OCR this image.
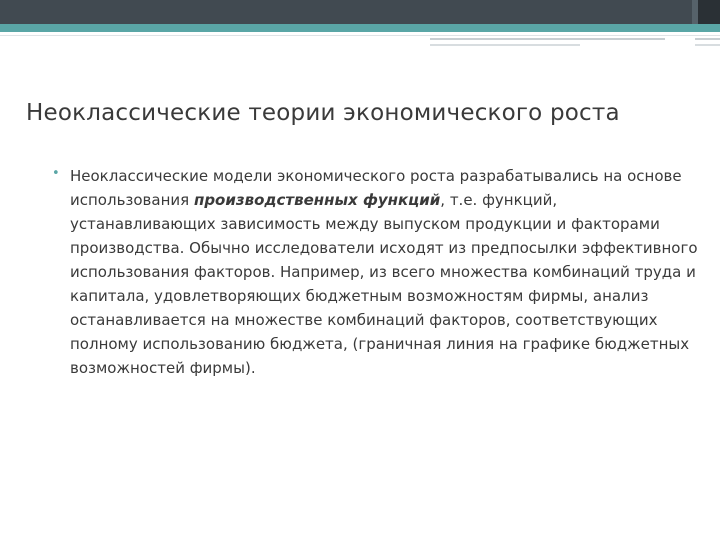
Неоклассические теории экономического роста
• Неоклассические модели экономического роста разрабатывались на основе использования производственных функций, т.е. функций, устанавливающих зависимость между выпуском продукции и факторами производства. Обычно исследователи исходят из предпосылки эффективного использования факторов. Например, из всего множества комбинаций труда и капитала, удовлетворяющих бюджетным возможностям фирмы, анализ останавливается на множестве комбинаций факторов, соответствующих полному использованию бюджета, (граничная линия на графике бюджетных возможностей фирмы).
